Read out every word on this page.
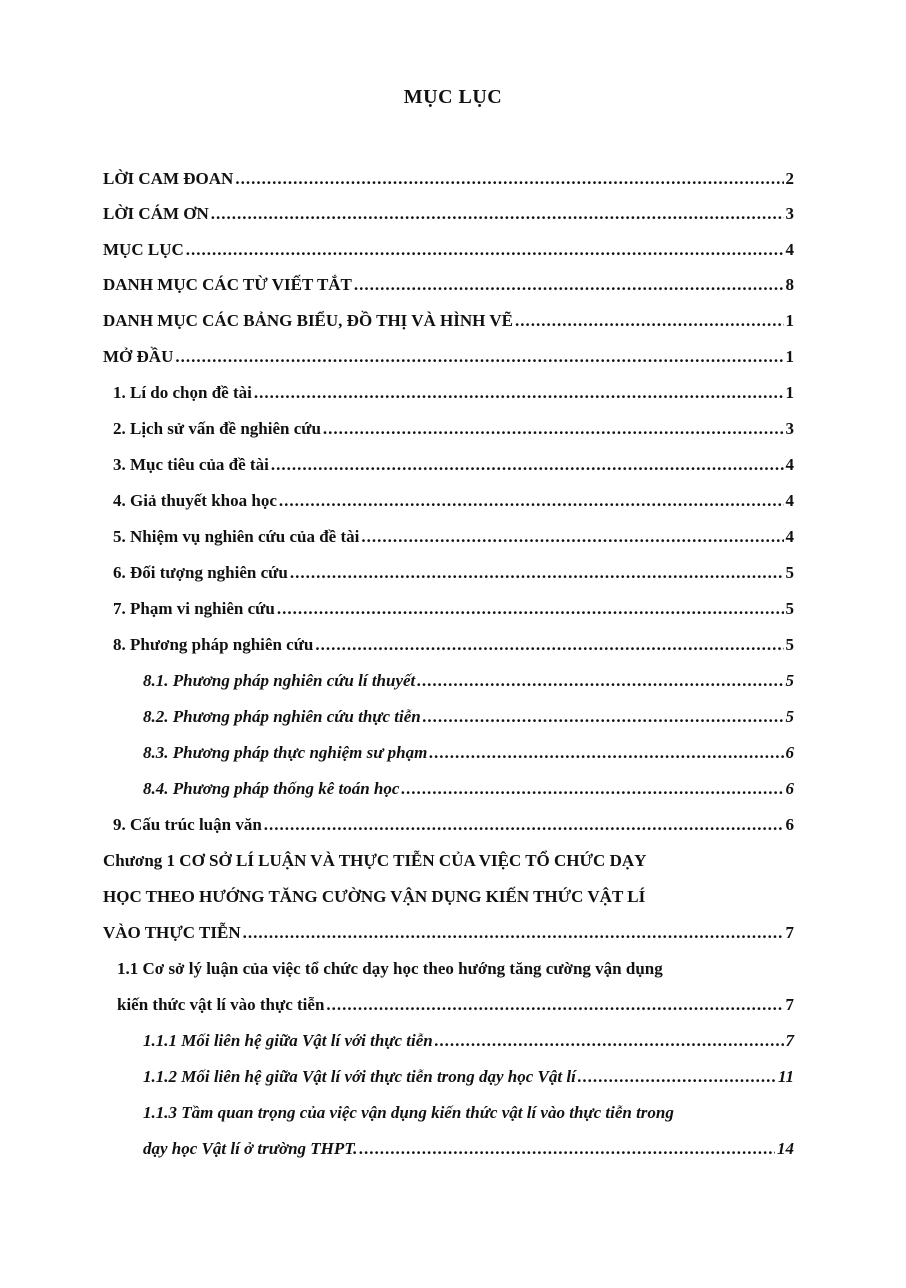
MỤC LỤC
LỜI CAM ĐOAN .....	2
LỜI CÁM ƠN .....	3
MỤC LỤC .....	4
DANH MỤC CÁC TỪ VIẾT TẮT .....	8
DANH MỤC CÁC BẢNG BIỂU, ĐỒ THỊ VÀ HÌNH VẼ .....	1
MỞ ĐẦU .....	1
1. Lí do chọn đề tài .....	1
2. Lịch sử vấn đề nghiên cứu .....	3
3. Mục tiêu của đề tài .....	4
4. Giả thuyết khoa học .....	4
5. Nhiệm vụ nghiên cứu của đề tài .....	4
6. Đối tượng nghiên cứu .....	5
7. Phạm vi nghiên cứu .....	5
8. Phương pháp nghiên cứu .....	5
8.1. Phương pháp nghiên cứu lí thuyết .....	5
8.2. Phương pháp nghiên cứu thực tiễn .....	5
8.3. Phương pháp thực nghiệm sư phạm .....	6
8.4. Phương pháp thống kê toán học .....	6
9. Cấu trúc luận văn .....	6
Chương 1 CƠ SỞ LÍ LUẬN VÀ THỰC TIỄN CỦA VIỆC TỔ CHỨC DẠY
HỌC THEO HƯỚNG TĂNG CƯỜNG VẬN DỤNG KIẾN THỨC VẬT LÍ
VÀO THỰC TIỄN .....	7
1.1 Cơ sở lý luận của việc tổ chức dạy học theo hướng tăng cường vận dụng
kiến thức vật lí vào thực tiễn .....	7
1.1.1 Mối liên hệ giữa Vật lí với thực tiễn .....	7
1.1.2 Mối liên hệ giữa Vật lí với thực tiễn trong dạy học Vật lí .....	11
1.1.3 Tầm quan trọng của việc vận dụng kiến thức vật lí vào thực tiễn trong
dạy học Vật lí ở trường THPT. .....	14
